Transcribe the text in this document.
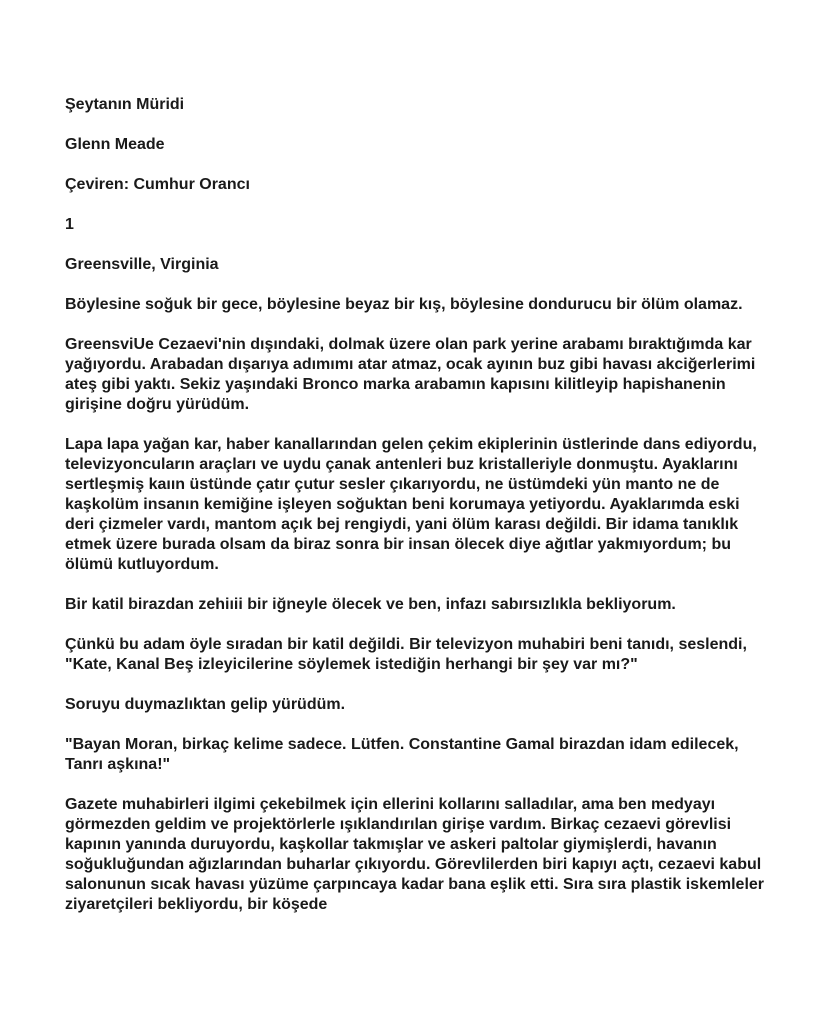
Şeytanın Müridi

Glenn Meade

Çeviren: Cumhur Orancı

1

Greensville, Virginia

Böylesine soğuk bir gece, böylesine beyaz bir kış, böylesine dondurucu bir ölüm olamaz.

GreensviUe Cezaevi'nin dışındaki, dolmak üzere olan park yerine arabamı bıraktığımda kar yağıyordu. Arabadan dışarıya adımımı atar atmaz, ocak ayının buz gibi havası akciğerlerimi ateş gibi yaktı. Sekiz yaşındaki Bronco marka arabamın kapısını kilitleyip hapishanenin girişine doğru yürüdüm.

Lapa lapa yağan kar, haber kanallarından gelen çekim ekiplerinin üstlerinde dans ediyordu, televizyoncuların araçları ve uydu çanak antenleri buz kristalleriyle donmuştu. Ayaklarını sertleşmiş kaıın üstünde çatır çutur sesler çıkarıyordu, ne üstümdeki yün manto ne de kaşkolüm insanın kemiğine işleyen soğuktan beni korumaya yetiyordu. Ayaklarımda eski deri çizmeler vardı, mantom açık bej rengiydi, yani ölüm karası değildi. Bir idama tanıklık etmek üzere burada olsam da biraz sonra bir insan ölecek diye ağıtlar yakmıyordum; bu ölümü kutluyordum.

Bir katil birazdan zehiıii bir iğneyle ölecek ve ben, infazı sabırsızlıkla bekliyorum.

Çünkü bu adam öyle sıradan bir katil değildi. Bir televizyon muhabiri beni tanıdı, seslendi, "Kate, Kanal Beş izleyicilerine söylemek istediğin herhangi bir şey var mı?"

Soruyu duymazlıktan gelip yürüdüm.

"Bayan Moran, birkaç kelime sadece. Lütfen. Constantine Gamal birazdan idam edilecek, Tanrı aşkına!"

Gazete muhabirleri ilgimi çekebilmek için ellerini kollarını salladılar, ama ben medyayı görmezden geldim ve projektörlerle ışıklandırılan girişe vardım. Birkaç cezaevi görevlisi kapının yanında duruyordu, kaşkollar takmışlar ve askeri paltolar giymişlerdi, havanın soğukluğundan ağızlarından buharlar çıkıyordu. Görevlilerden biri kapıyı açtı, cezaevi kabul salonunun sıcak havası yüzüme çarpıncaya kadar bana eşlik etti. Sıra sıra plastik iskemleler ziyaretçileri bekliyordu, bir köşede
